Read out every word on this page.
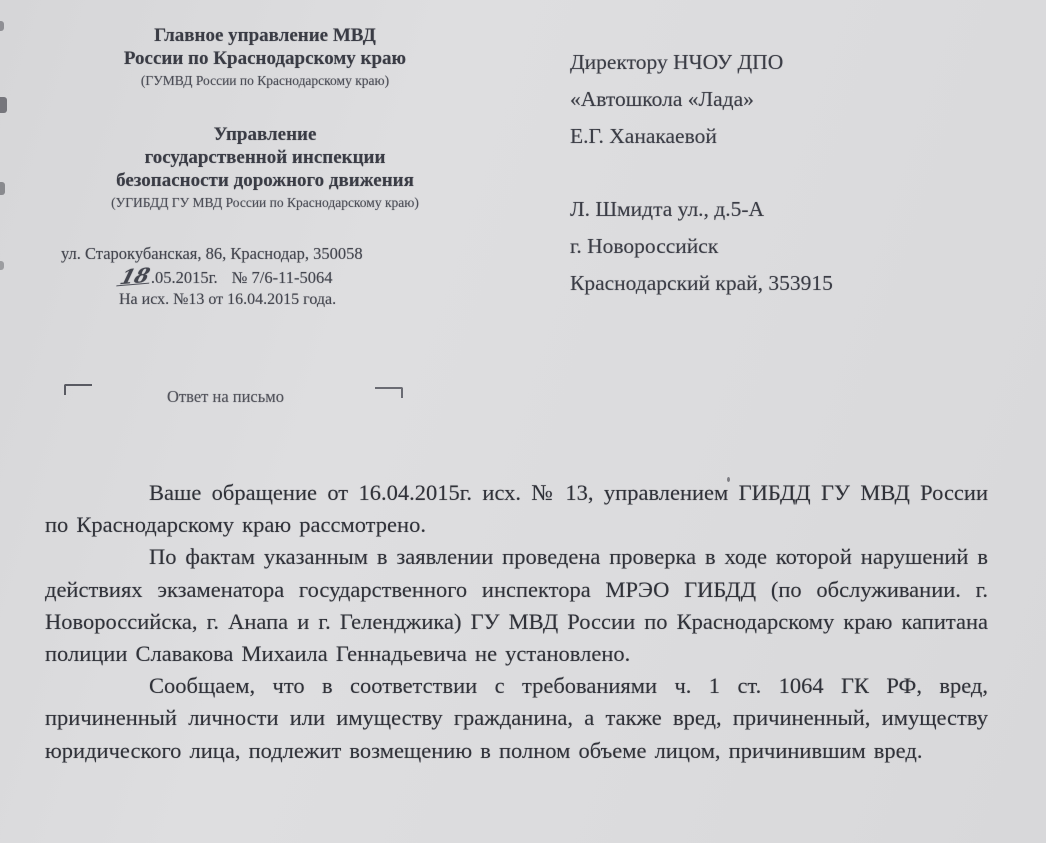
Главное управление МВД
России по Краснодарскому краю
(ГУМВД России по Краснодарскому краю)
Управление
государственной инспекции
безопасности дорожного движения
(УГИБДД ГУ МВД России по Краснодарскому краю)
ул. Старокубанская, 86, Краснодар, 350058
18.05.2015г. № 7/6-11-5064
На исх. №13 от 16.04.2015 года.
Директору НЧОУ ДПО
«Автошкола «Лада»
Е.Г. Ханакаевой
Л. Шмидта ул., д.5-А
г. Новороссийск
Краснодарский край, 353915
Ответ на письмо

Ваше обращение от 16.04.2015г. исх. № 13, управлением ГИБДД ГУ МВД России по Краснодарскому краю рассмотрено.

По фактам указанным в заявлении проведена проверка в ходе которой нарушений в действиях экзаменатора государственного инспектора МРЭО ГИБДД (по обслуживании. г. Новороссийска, г. Анапа и г. Геленджика) ГУ МВД России по Краснодарскому краю капитана полиции Славакова Михаила Геннадьевича не установлено.

Сообщаем, что в соответствии с требованиями ч. 1 ст. 1064 ГК РФ, вред, причиненный личности или имуществу гражданина, а также вред, причиненный, имуществу юридического лица, подлежит возмещению в полном объеме лицом, причинившим вред.
